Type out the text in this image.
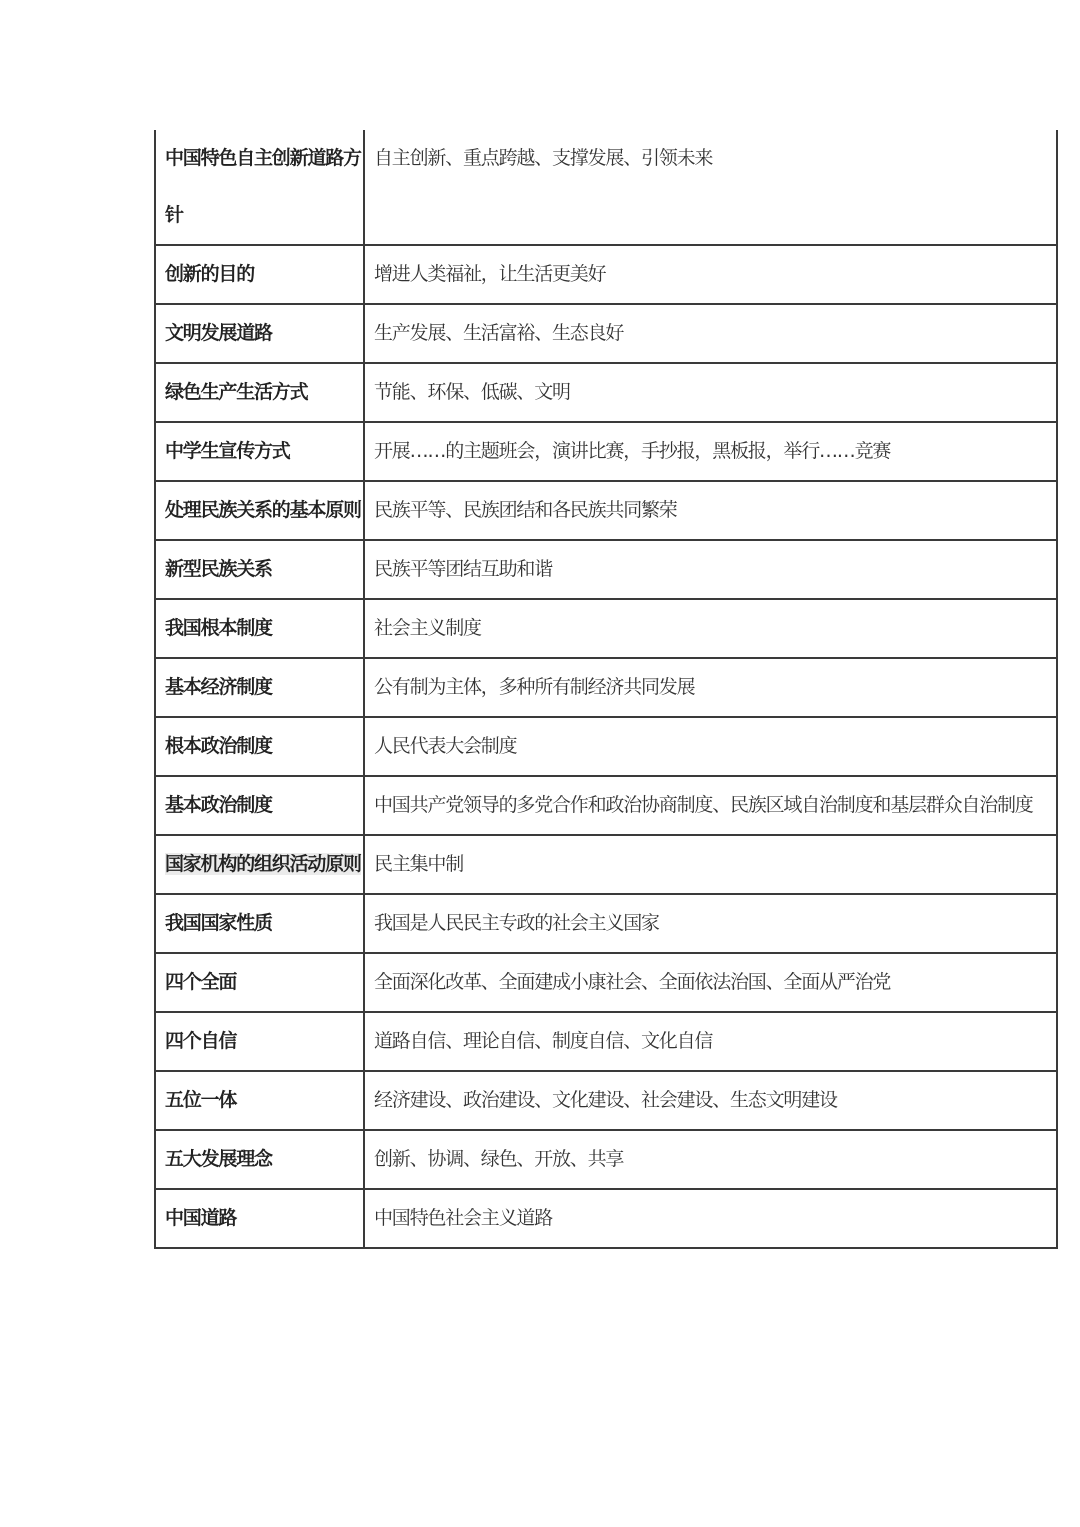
中国特色自主创新道路方针	自主创新、重点跨越、支撑发展、引领未来
创新的目的	增进人类福祉，让生活更美好
文明发展道路	生产发展、生活富裕、生态良好
绿色生产生活方式	节能、环保、低碳、文明
中学生宣传方式	开展……的主题班会，演讲比赛，手抄报，黑板报，举行……竞赛
处理民族关系的基本原则	民族平等、民族团结和各民族共同繁荣
新型民族关系	民族平等团结互助和谐
我国根本制度	社会主义制度
基本经济制度	公有制为主体，多种所有制经济共同发展
根本政治制度	人民代表大会制度
基本政治制度	中国共产党领导的多党合作和政治协商制度、民族区域自治制度和基层群众自治制度
国家机构的组织活动原则	民主集中制
我国国家性质	我国是人民民主专政的社会主义国家
四个全面	全面深化改革、全面建成小康社会、全面依法治国、全面从严治党
四个自信	道路自信、理论自信、制度自信、文化自信
五位一体	经济建设、政治建设、文化建设、社会建设、生态文明建设
五大发展理念	创新、协调、绿色、开放、共享
中国道路	中国特色社会主义道路
